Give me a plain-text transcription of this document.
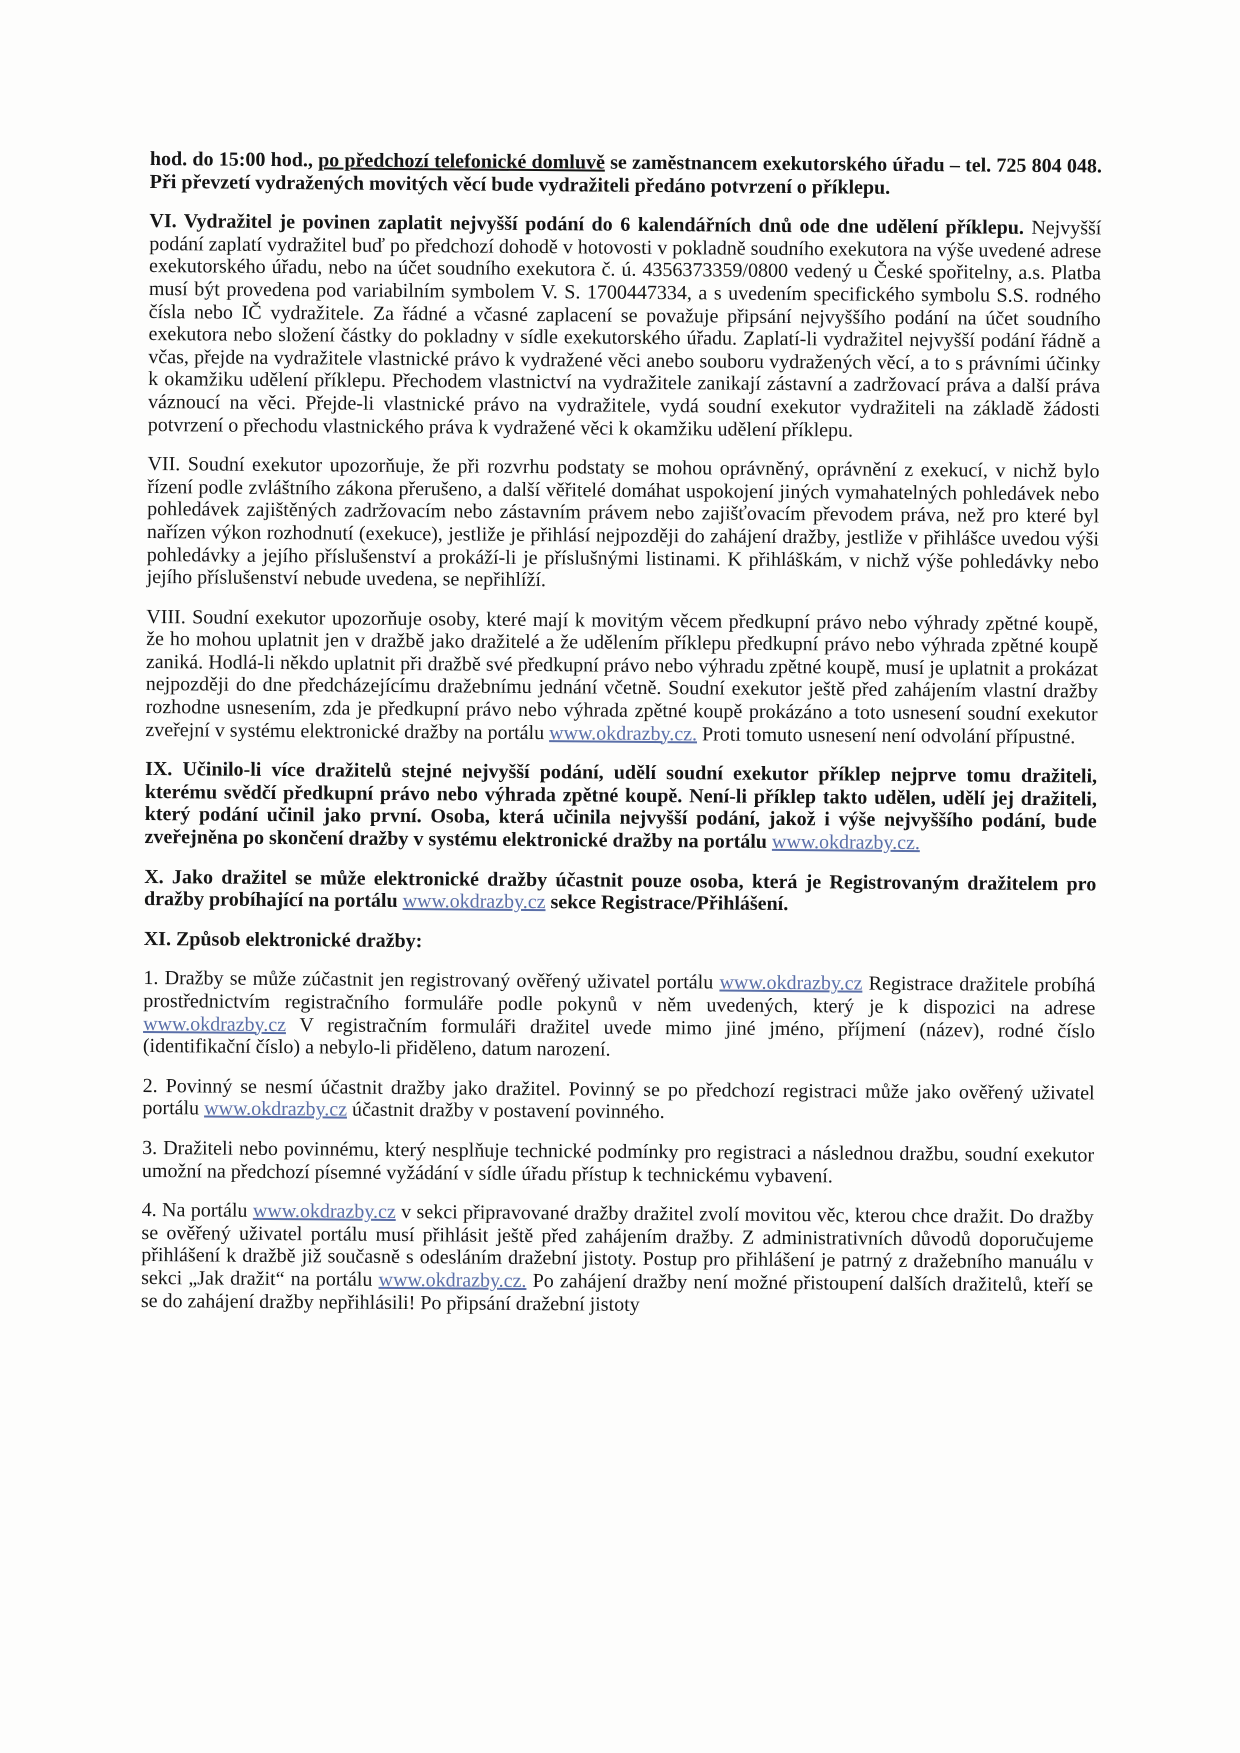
hod. do 15:00 hod., po předchozí telefonické domluvě se zaměstnancem exekutorského úřadu – tel. 725 804 048. Při převzetí vydražených movitých věcí bude vydražiteli předáno potvrzení o příklepu.

VI. Vydražitel je povinen zaplatit nejvyšší podání do 6 kalendářních dnů ode dne udělení příklepu. Nejvyšší podání zaplatí vydražitel buď po předchozí dohodě v hotovosti v pokladně soudního exekutora na výše uvedené adrese exekutorského úřadu, nebo na účet soudního exekutora č. ú. 4356373359/0800 vedený u České spořitelny, a.s. Platba musí být provedena pod variabilním symbolem V. S. 1700447334, a s uvedením specifického symbolu S.S. rodného čísla nebo IČ vydražitele. Za řádné a včasné zaplacení se považuje připsání nejvyššího podání na účet soudního exekutora nebo složení částky do pokladny v sídle exekutorského úřadu. Zaplatí-li vydražitel nejvyšší podání řádně a včas, přejde na vydražitele vlastnické právo k vydražené věci anebo souboru vydražených věcí, a to s právními účinky k okamžiku udělení příklepu. Přechodem vlastnictví na vydražitele zanikají zástavní a zadržovací práva a další práva váznoucí na věci. Přejde-li vlastnické právo na vydražitele, vydá soudní exekutor vydražiteli na základě žádosti potvrzení o přechodu vlastnického práva k vydražené věci k okamžiku udělení příklepu.

VII. Soudní exekutor upozorňuje, že při rozvrhu podstaty se mohou oprávněný, oprávnění z exekucí, v nichž bylo řízení podle zvláštního zákona přerušeno, a další věřitelé domáhat uspokojení jiných vymahatelných pohledávek nebo pohledávek zajištěných zadržovacím nebo zástavním právem nebo zajišťovacím převodem práva, než pro které byl nařízen výkon rozhodnutí (exekuce), jestliže je přihlásí nejpozději do zahájení dražby, jestliže v přihlášce uvedou výši pohledávky a jejího příslušenství a prokáží-li je příslušnými listinami. K přihláškám, v nichž výše pohledávky nebo jejího příslušenství nebude uvedena, se nepřihlíží.

VIII. Soudní exekutor upozorňuje osoby, které mají k movitým věcem předkupní právo nebo výhrady zpětné koupě, že ho mohou uplatnit jen v dražbě jako dražitelé a že udělením příklepu předkupní právo nebo výhrada zpětné koupě zaniká. Hodlá-li někdo uplatnit při dražbě své předkupní právo nebo výhradu zpětné koupě, musí je uplatnit a prokázat nejpozději do dne předcházejícímu dražebnímu jednání včetně. Soudní exekutor ještě před zahájením vlastní dražby rozhodne usnesením, zda je předkupní právo nebo výhrada zpětné koupě prokázáno a toto usnesení soudní exekutor zveřejní v systému elektronické dražby na portálu www.okdrazby.cz. Proti tomuto usnesení není odvolání přípustné.

IX. Učinilo-li více dražitelů stejné nejvyšší podání, udělí soudní exekutor příklep nejprve tomu dražiteli, kterému svědčí předkupní právo nebo výhrada zpětné koupě. Není-li příklep takto udělen, udělí jej dražiteli, který podání učinil jako první. Osoba, která učinila nejvyšší podání, jakož i výše nejvyššího podání, bude zveřejněna po skončení dražby v systému elektronické dražby na portálu www.okdrazby.cz.

X. Jako dražitel se může elektronické dražby účastnit pouze osoba, která je Registrovaným dražitelem pro dražby probíhající na portálu www.okdrazby.cz sekce Registrace/Přihlášení.

XI. Způsob elektronické dražby:

1. Dražby se může zúčastnit jen registrovaný ověřený uživatel portálu www.okdrazby.cz Registrace dražitele probíhá prostřednictvím registračního formuláře podle pokynů v něm uvedených, který je k dispozici na adrese www.okdrazby.cz V registračním formuláři dražitel uvede mimo jiné jméno, příjmení (název), rodné číslo (identifikační číslo) a nebylo-li přiděleno, datum narození.

2. Povinný se nesmí účastnit dražby jako dražitel. Povinný se po předchozí registraci může jako ověřený uživatel portálu www.okdrazby.cz účastnit dražby v postavení povinného.

3. Dražiteli nebo povinnému, který nesplňuje technické podmínky pro registraci a následnou dražbu, soudní exekutor umožní na předchozí písemné vyžádání v sídle úřadu přístup k technickému vybavení.

4. Na portálu www.okdrazby.cz v sekci připravované dražby dražitel zvolí movitou věc, kterou chce dražit. Do dražby se ověřený uživatel portálu musí přihlásit ještě před zahájením dražby. Z administrativních důvodů doporučujeme přihlášení k dražbě již současně s odesláním dražební jistoty. Postup pro přihlášení je patrný z dražebního manuálu v sekci „Jak dražit“ na portálu www.okdrazby.cz. Po zahájení dražby není možné přistoupení dalších dražitelů, kteří se se do zahájení dražby nepřihlásili! Po připsání dražební jistoty
